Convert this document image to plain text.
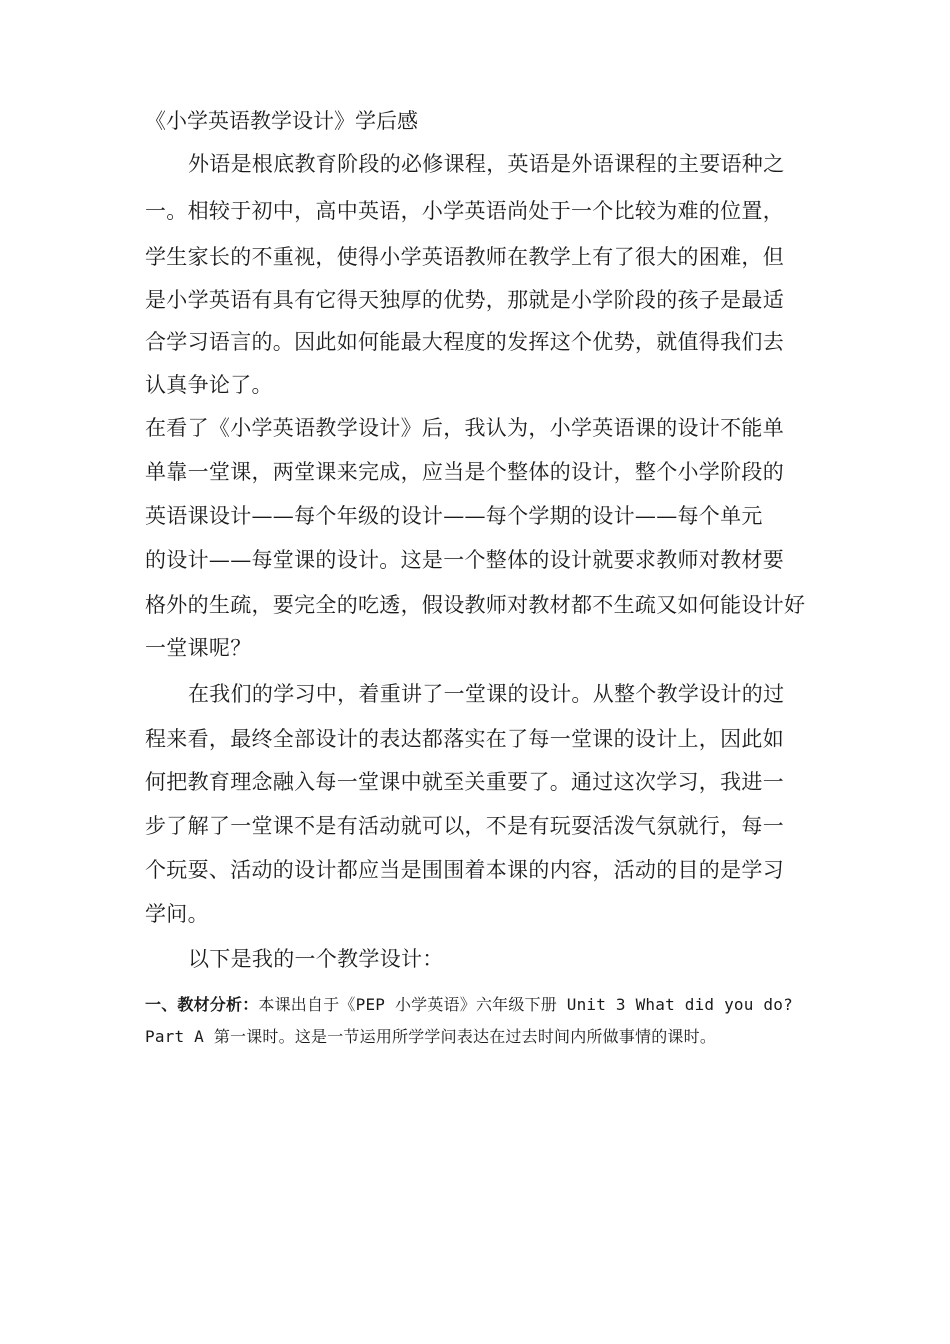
《小学英语教学设计》学后感
外语是根底教育阶段的必修课程，英语是外语课程的主要语种之
一。相较于初中，高中英语，小学英语尚处于一个比较为难的位置，
学生家长的不重视，使得小学英语教师在教学上有了很大的困难，但
是小学英语有具有它得天独厚的优势，那就是小学阶段的孩子是最适
合学习语言的。因此如何能最大程度的发挥这个优势，就值得我们去
认真争论了。
在看了《小学英语教学设计》后，我认为，小学英语课的设计不能单
单靠一堂课，两堂课来完成，应当是个整体的设计，整个小学阶段的
英语课设计——每个年级的设计——每个学期的设计——每个单元
的设计——每堂课的设计。这是一个整体的设计就要求教师对教材要
格外的生疏，要完全的吃透，假设教师对教材都不生疏又如何能设计好
一堂课呢？
在我们的学习中，着重讲了一堂课的设计。从整个教学设计的过
程来看，最终全部设计的表达都落实在了每一堂课的设计上，因此如
何把教育理念融入每一堂课中就至关重要了。通过这次学习，我进一
步了解了一堂课不是有活动就可以，不是有玩耍活泼气氛就行，每一
个玩耍、活动的设计都应当是围围着本课的内容，活动的目的是学习
学问。
以下是我的一个教学设计：
一、教材分析：本课出自于《PEP 小学英语》六年级下册 Unit 3 What did you do?
Part A 第一课时。这是一节运用所学学问表达在过去时间内所做事情的课时。
